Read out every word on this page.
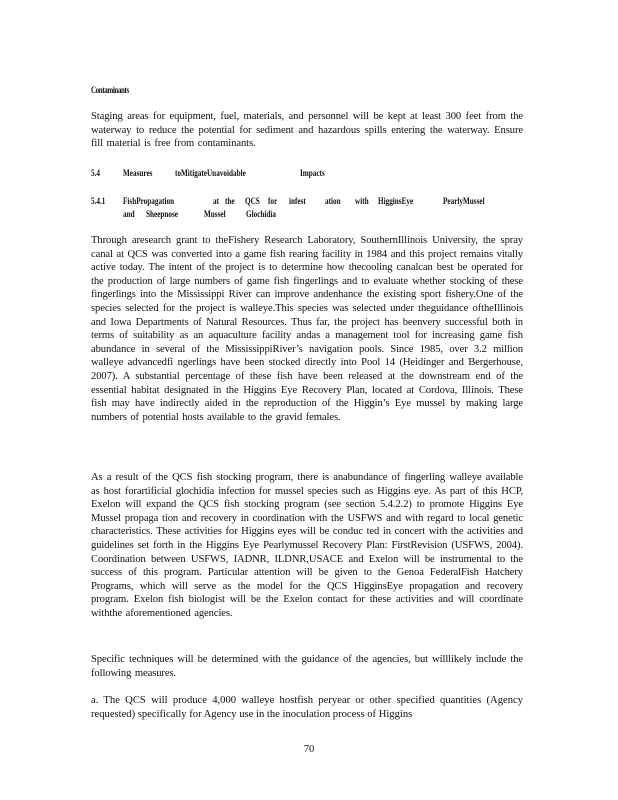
Contaminants
Staging areas for equipment, fuel, materials, and personnel will be kept at least 300 feet from the waterway to reduce the potential for sediment and hazardous spills entering the waterway. Ensure fill material is free from contaminants.
5.4	Measures	toMitigateUnavoidable	Impacts
5.4.1 FishPropagation	at the QCS for infest ation with HigginsEye	PearlyMussel
and Sheepnose	Mussel Glochidia
Through aresearch grant to theFishery Research Laboratory, SouthernIllinois University, the spray canal at QCS was converted into a game fish rearing facility in 1984 and this project remains vitally active today. The intent of the project is to determine how thecooling canalcan best be operated for the production of large numbers of game fish fingerlings and to evaluate whether stocking of these fingerlings into the Mississippi River can improve andenhance the existing sport fishery.One of the species selected for the project is walleye.This species was selected under theguidance oftheIllinois and Iowa Departments of Natural Resources. Thus far, the project has beenvery successful both in terms of suitability as an aquaculture facility andas a management tool for increasing game fish abundance in several of the MississippiRiver’s navigation pools. Since 1985, over 3.2 million walleye advancedfi ngerlings have been stocked directly into Pool 14 (Heidinger and Bergerhouse, 2007). A substantial percentage of these fish have been released at the downstream end of the essential habitat designated in the Higgins Eye Recovery Plan, located at Cordova, Illinois. These fish may have indirectly aided in the reproduction of the Higgin’s Eye mussel by making large numbers of potential hosts available to the gravid females.
As a result of the QCS fish stocking program, there is anabundance of fingerling walleye available as host forartificial glochidia infection for mussel species such as Higgins eye. As part of this HCP, Exelon will expand the QCS fish stocking program (see section 5.4.2.2) to promote Higgins Eye Mussel propaga tion and recovery in coordination with the USFWS and with regard to local genetic characteristics. These activities for Higgins eyes will be conduc ted in concert with the activities and guidelines set forth in the Higgins Eye Pearlymussel Recovery Plan: FirstRevision (USFWS, 2004). Coordination between USFWS, IADNR, ILDNR,USACE and Exelon will be instrumental to the success of this program. Particular attention will be given to the Genoa FederalFish Hatchery Programs, which will serve as the model for the QCS HigginsEye propagation and recovery program. Exelon fish biologist will be the Exelon contact for these activities and will coordinate withthe aforementioned agencies.
Specific techniques will be determined with the guidance of the agencies, but willlikely include the following measures.
a. The QCS will produce 4,000 walleye hostfish peryear or other specified quantities (Agency requested) specifically for Agency use in the inoculation process of Higgins
70
